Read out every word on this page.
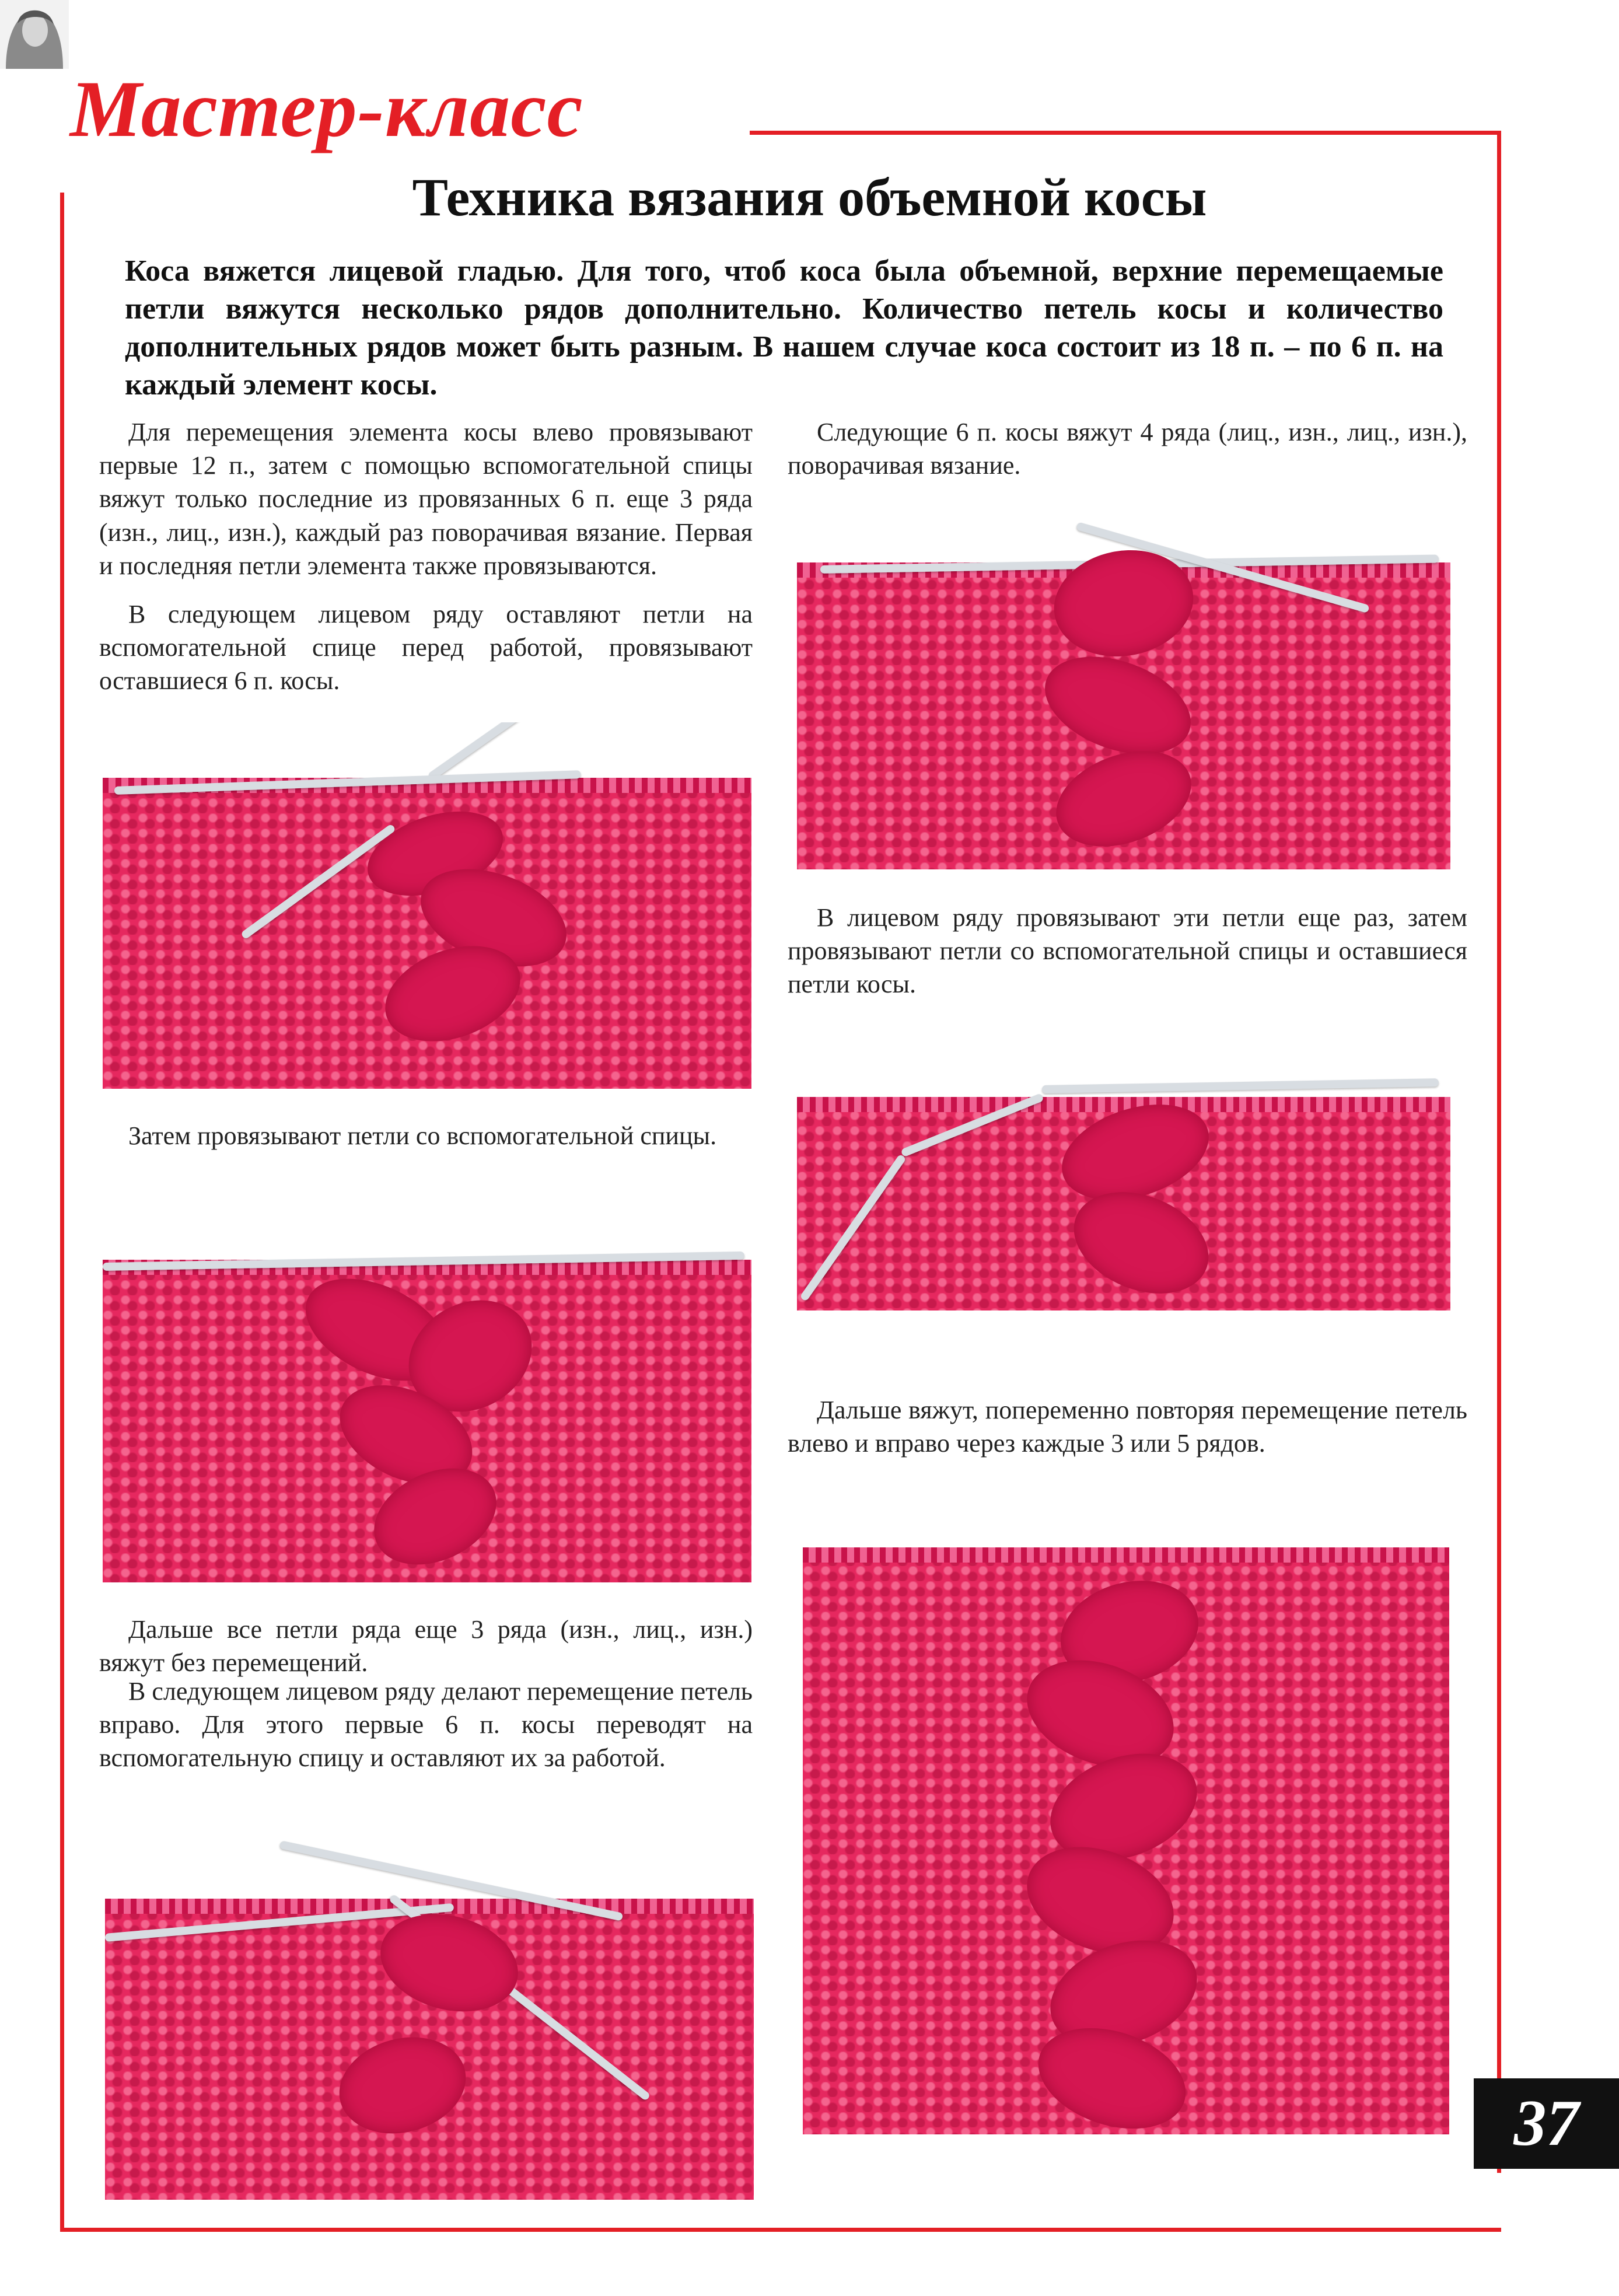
Мастер-класс
Техника вязания объемной косы

Коса вяжется лицевой гладью. Для того, чтоб коса была объемной, верхние перемещаемые петли вяжутся несколько рядов дополнительно. Количество петель косы и количество дополнительных рядов может быть разным. В нашем случае коса состоит из 18 п. – по 6 п. на каждый элемент косы.

Для перемещения элемента косы влево провязывают первые 12 п., затем с помощью вспомогательной спицы вяжут только последние из провязанных 6 п. еще 3 ряда (изн., лиц., изн.), каждый раз поворачивая вязание. Первая и последняя петли элемента также провязываются.

В следующем лицевом ряду оставляют петли на вспомогательной спице перед работой, провязывают оставшиеся 6 п. косы.

Затем провязывают петли со вспомогательной спицы.

Дальше все петли ряда еще 3 ряда (изн., лиц., изн.) вяжут без перемещений.

В следующем лицевом ряду делают перемещение петель вправо. Для этого первые 6 п. косы переводят на вспомогательную спицу и оставляют их за работой.

Следующие 6 п. косы вяжут 4 ряда (лиц., изн., лиц., изн.), поворачивая вязание.

В лицевом ряду провязывают эти петли еще раз, затем провязывают петли со вспомогательной спицы и оставшиеся петли косы.

Дальше вяжут, попеременно повторяя перемещение петель влево и вправо через каждые 3 или 5 рядов.

37
